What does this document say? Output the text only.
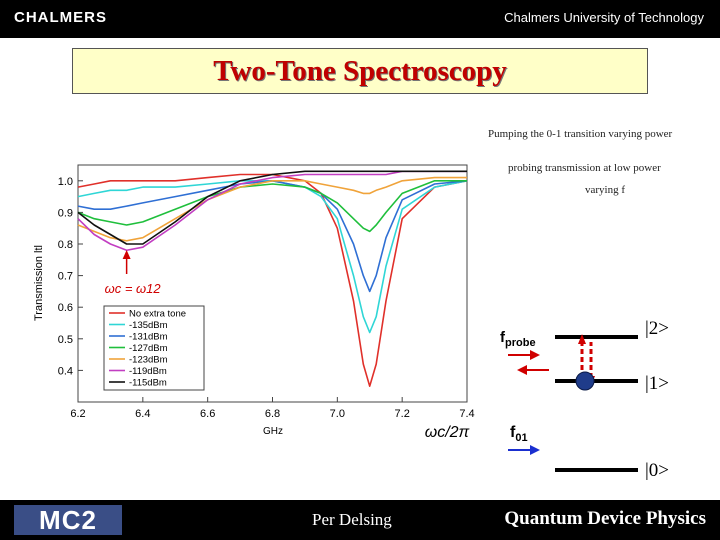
CHALMERS	Chalmers University of Technology
Two-Tone Spectroscopy
Pumping the 0-1 transition varying power
probing transmission at low power
varying f
0.4
0.5
0.6
0.7
0.8
0.9
1.0
6.2	6.4	6.6	6.8	7.0	7.2	7.4
GHz	ωc/2π
Transmission ltl	No extra tone
-135dBm
-131dBm
-127dBm
-123dBm
-119dBm
-115dBm
ωc = ω12
$f_{probe}$
$f_{01}$
|2>
|1>
|0>
MC2	Per Delsing	Quantum Device Physics
